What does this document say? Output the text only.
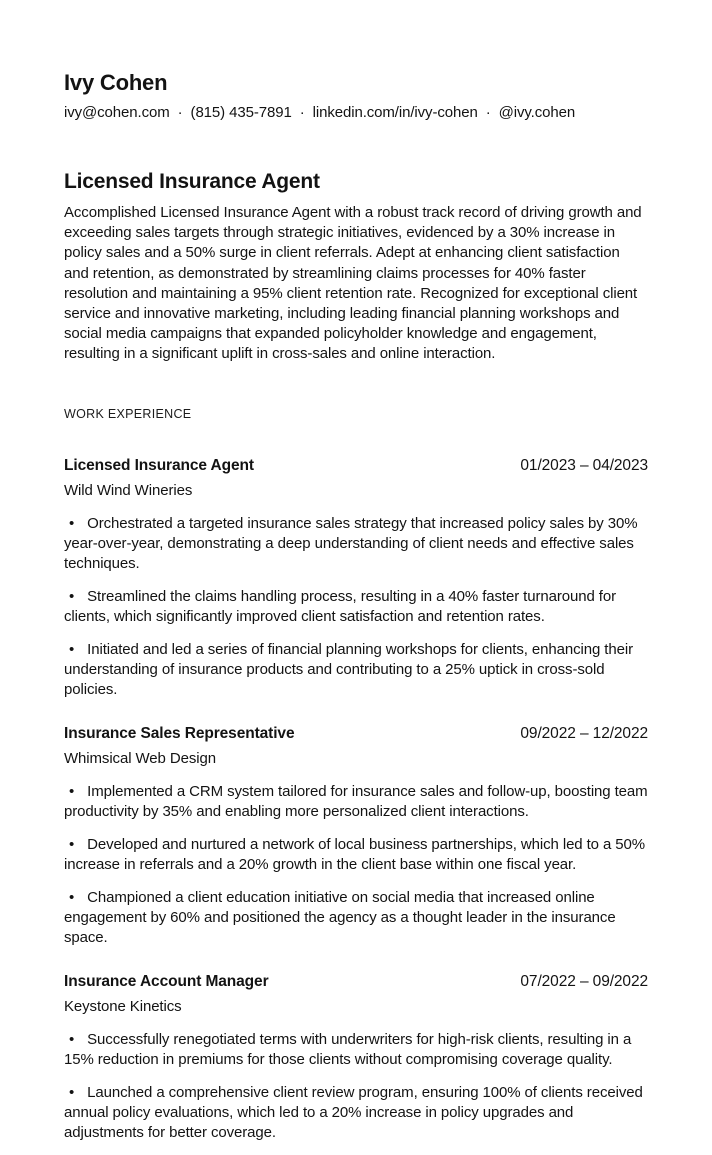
Ivy Cohen
ivy@cohen.com · (815) 435-7891 · linkedin.com/in/ivy-cohen · @ivy.cohen
Licensed Insurance Agent

Accomplished Licensed Insurance Agent with a robust track record of driving growth and exceeding sales targets through strategic initiatives, evidenced by a 30% increase in policy sales and a 50% surge in client referrals. Adept at enhancing client satisfaction and retention, as demonstrated by streamlining claims processes for 40% faster resolution and maintaining a 95% client retention rate. Recognized for exceptional client service and innovative marketing, including leading financial planning workshops and social media campaigns that expanded policyholder knowledge and engagement, resulting in a significant uplift in cross-sales and online interaction.

WORK EXPERIENCE
Licensed Insurance Agent	01/2023 – 04/2023
Wild Wind Wineries
• Orchestrated a targeted insurance sales strategy that increased policy sales by 30% year-over-year, demonstrating a deep understanding of client needs and effective sales techniques.
• Streamlined the claims handling process, resulting in a 40% faster turnaround for clients, which significantly improved client satisfaction and retention rates.
• Initiated and led a series of financial planning workshops for clients, enhancing their understanding of insurance products and contributing to a 25% uptick in cross-sold policies.
Insurance Sales Representative	09/2022 – 12/2022
Whimsical Web Design
• Implemented a CRM system tailored for insurance sales and follow-up, boosting team productivity by 35% and enabling more personalized client interactions.
• Developed and nurtured a network of local business partnerships, which led to a 50% increase in referrals and a 20% growth in the client base within one fiscal year.
• Championed a client education initiative on social media that increased online engagement by 60% and positioned the agency as a thought leader in the insurance space.
Insurance Account Manager	07/2022 – 09/2022
Keystone Kinetics
• Successfully renegotiated terms with underwriters for high-risk clients, resulting in a 15% reduction in premiums for those clients without compromising coverage quality.
• Launched a comprehensive client review program, ensuring 100% of clients received annual policy evaluations, which led to a 20% increase in policy upgrades and adjustments for better coverage.
